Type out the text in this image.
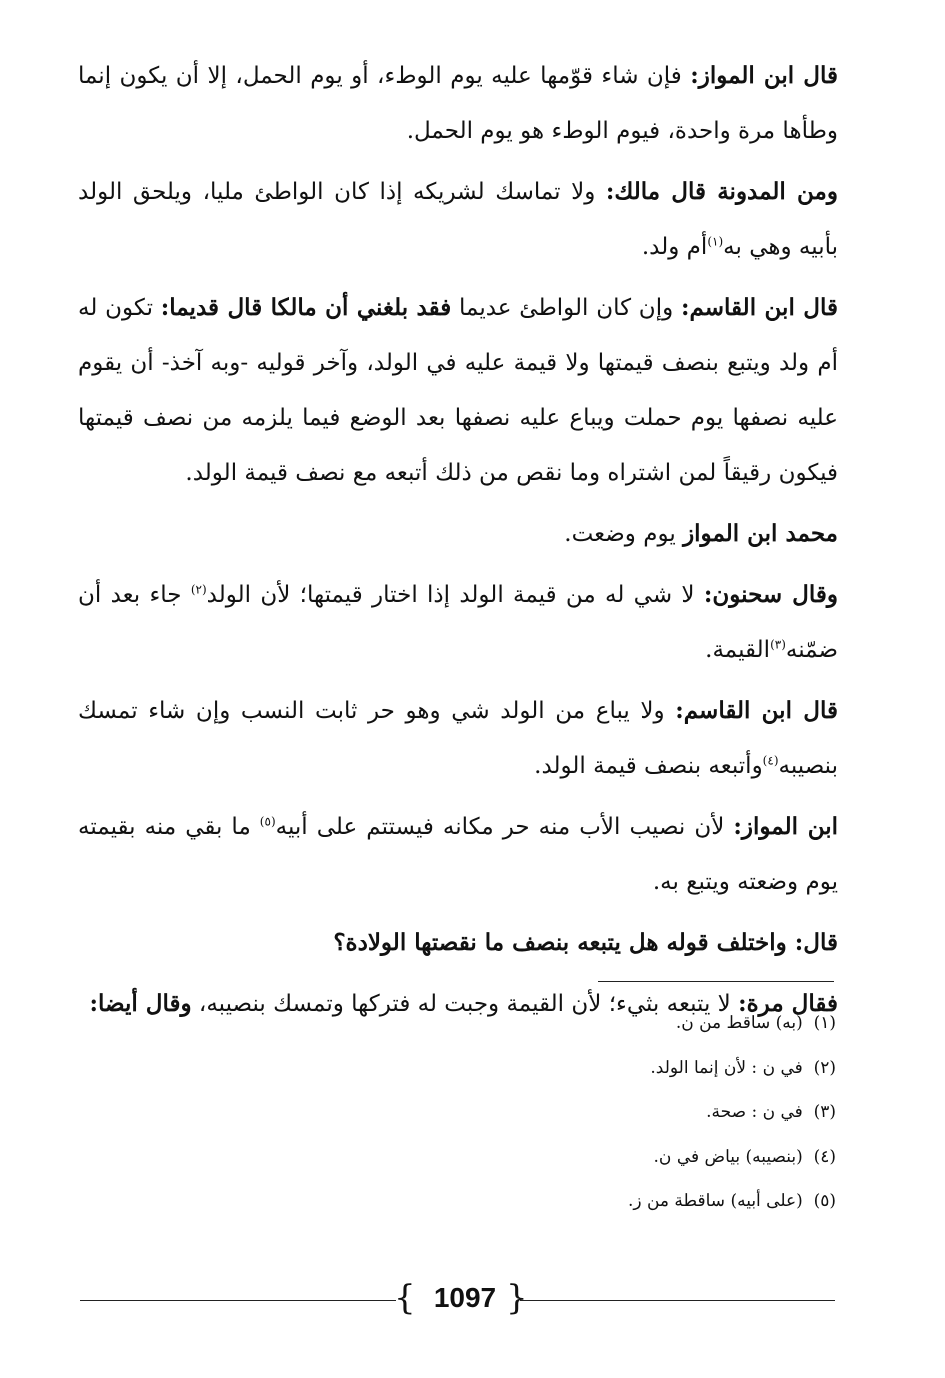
قال ابن المواز: فإن شاء قوّمها عليه يوم الوطء، أو يوم الحمل، إلا أن يكون إنما وطأها مرة واحدة، فيوم الوطء هو يوم الحمل.

ومن المدونة قال مالك: ولا تماسك لشريكه إذا كان الواطئ مليا، ويلحق الولد بأبيه وهي به$^{(١)}$أم ولد.

قال ابن القاسم: وإن كان الواطئ عديما فقد بلغني أن مالكا قال قديما: تكون له أم ولد ويتبع بنصف قيمتها ولا قيمة عليه في الولد، وآخر قوليه -وبه آخذ- أن يقوم عليه نصفها يوم حملت ويباع عليه نصفها بعد الوضع فيما يلزمه من نصف قيمتها فيكون رقيقاً لمن اشتراه وما نقص من ذلك أتبعه مع نصف قيمة الولد.

محمد ابن المواز يوم وضعت.

وقال سحنون: لا شي له من قيمة الولد إذا اختار قيمتها؛ لأن الولد$^{(٢)}$ جاء بعد أن ضمّنه$^{(٣)}$القيمة.

قال ابن القاسم: ولا يباع من الولد شي وهو حر ثابت النسب وإن شاء تمسك بنصيبه$^{(٤)}$وأتبعه بنصف قيمة الولد.

ابن المواز: لأن نصيب الأب منه حر مكانه فيستتم على أبيه$^{(٥)}$ ما بقي منه بقيمته يوم وضعته ويتبع به.

قال: واختلف قوله هل يتبعه بنصف ما نقصتها الولادة؟

فقال مرة: لا يتبعه بثيء؛ لأن القيمة وجبت له فتركها وتمسك بنصيبه، وقال أيضا:

(١)  (به) ساقط من ن.
(٢)  في ن : لأن إنما الولد.
(٣)  في ن : صحة.
(٤)  (بنصيبه) بياض في ن.
(٥)  (على أبيه) ساقطة من ز.
{ 1097 }
